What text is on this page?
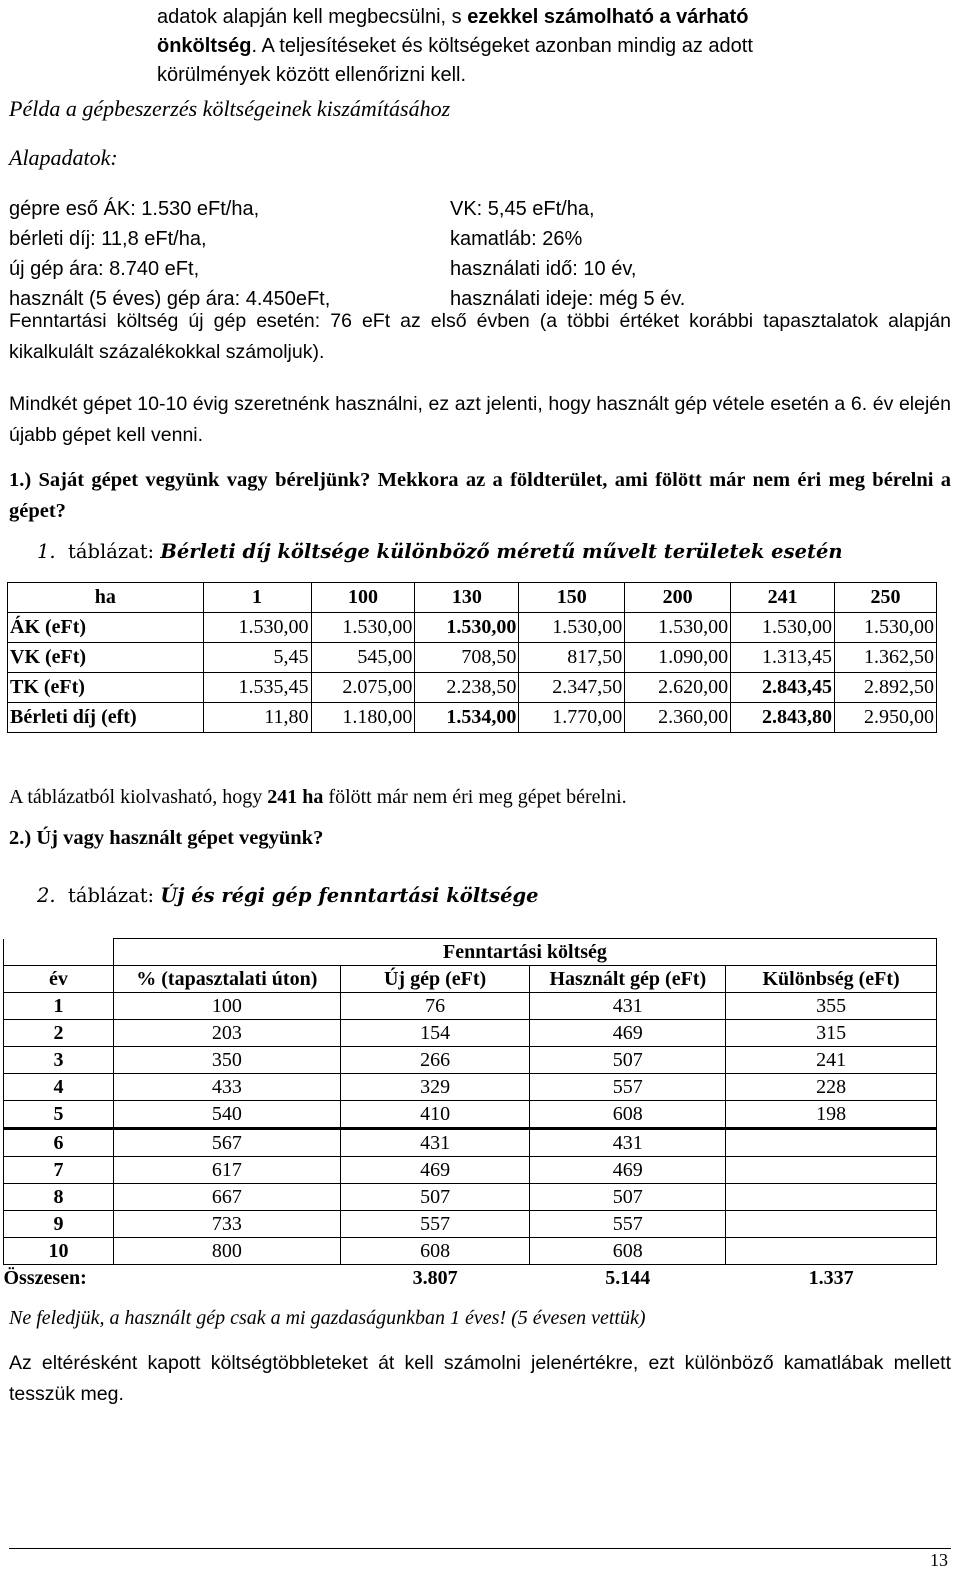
adatok alapján kell megbecsülni, s ezekkel számolható a várható
önköltség. A teljesítéseket és költségeket azonban mindig az adott
körülmények között ellenőrizni kell.
Példa a gépbeszerzés költségeinek kiszámításához
Alapadatok:
gépre eső ÁK: 1.530 eFt/ha,
bérleti díj: 11,8 eFt/ha,
új gép ára: 8.740 eFt,
használt (5 éves) gép ára: 4.450eFt,
VK: 5,45 eFt/ha,
kamatláb: 26%
használati idő: 10 év,
használati ideje: még 5 év.
Fenntartási költség új gép esetén: 76 eFt az első évben (a többi értéket korábbi tapasztalatok alapján kikalkulált százalékokkal számoljuk).
Mindkét gépet 10-10 évig szeretnénk használni, ez azt jelenti, hogy használt gép vétele esetén a 6. év elején újabb gépet kell venni.
1.) Saját gépet vegyünk vagy béreljünk? Mekkora az a földterület, ami fölött már nem éri meg bérelni a gépet?
1. táblázat: Bérleti díj költsége különböző méretű művelt területek esetén
ha	1	100	130	150	200	241	250
ÁK (eFt)	1.530,00	1.530,00	1.530,00	1.530,00	1.530,00	1.530,00	1.530,00
VK (eFt)	5,45	545,00	708,50	817,50	1.090,00	1.313,45	1.362,50
TK (eFt)	1.535,45	2.075,00	2.238,50	2.347,50	2.620,00	2.843,45	2.892,50
Bérleti díj (eft)	11,80	1.180,00	1.534,00	1.770,00	2.360,00	2.843,80	2.950,00
A táblázatból kiolvasható, hogy 241 ha fölött már nem éri meg gépet bérelni.
2.) Új vagy használt gépet vegyünk?
2. táblázat: Új és régi gép fenntartási költsége
	Fenntartási költség			
év	% (tapasztalati úton)	Új gép (eFt)	Használt gép (eFt)	Különbség (eFt)
1	100	76	431	355
2	203	154	469	315
3	350	266	507	241
4	433	329	557	228
5	540	410	608	198
6	567	431	431	
7	617	469	469	
8	667	507	507	
9	733	557	557	
10	800	608	608	
Összesen:		3.807	5.144	1.337
Ne feledjük, a használt gép csak a mi gazdaságunkban 1 éves! (5 évesen vettük)
Az eltérésként kapott költségtöbbleteket át kell számolni jelenértékre, ezt különböző kamatlábak mellett tesszük meg.
13
